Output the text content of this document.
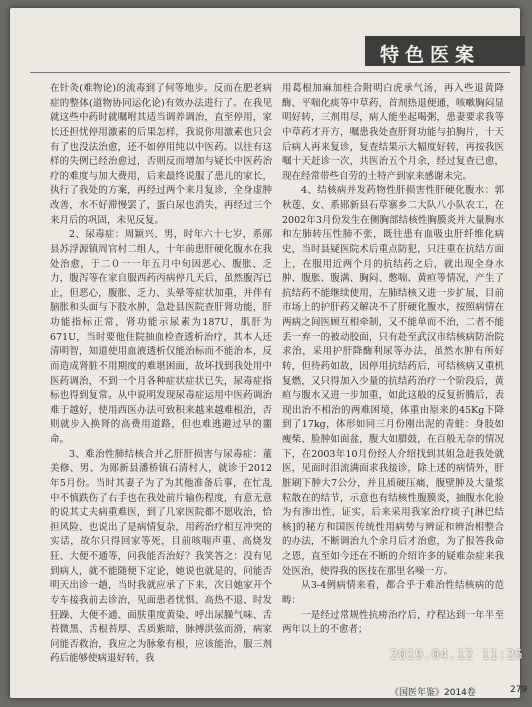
特色医案

在针灸(难物论)的流毒到了何等地步。反而在肥老病症的整体(道物协同运化论)有效办法进行了。在我见就这些中药时就嘱咐其适当调养调治，直至停用，家长还担忧停用激素的后果怎样，我说你用激素也只会有了也没法治愈，还不如停用纯以中医药。以往有这样的失例已经治愈过，否则反而增加与疑长中医药治疗的难度与加大费用，后来最终说服了患儿的家长，执行了我处的方案，再经过两个来月复诊，全身虚肿改善，水不好滞慢罢了，蛋白尿也消失，再经过三个来月后的巩固，未见反复。

2、尿毒症：周颖兴、男，时年六十七岁，系郧县苏浮源镇周官村二组人，十年前患肝硬化腹水在我处治愈，于二０一一年五月中旬因恶心、腹胀、乏力，腹泻等在家自服西药丙病停几天后，虽然腹泻已止，但恶心，腹胀、乏力、头晕等症状加重，并伴有脑胀和头面与下肢水肿，急赴县医院查肝肾功能，肝功能指标正常，肾功能示尿素为187U，肌肝为671U，当时要他住院抽血检查透析治疗，其本人还清明智，知道使用血液透析仅能治标而不能治本，反而造成肾脏不用期度的难堪困面，故坏找到我处用中医药调治，不到一个月各种症状症状已失，尿毒症指标也得到复常。从中说明发现尿毒症运用中医药调治难于越好，使用西医办法可致积来越来越难根治，否则就步入换肾的高费用道路，但也难逃避过早的噩命。

3、难治性肺结核合并乙肝肝损害与尿毒症：董美修、男、为郧新县潘桥镇石清村人，就诊于2012年5月份。当时其妻子为了为其他准备后事，在忙乱中不慎跌伤了右手也在我处前片输伤程度，有意无意的说其丈夫病重难医，到了几家医院都不愿收治，恰担风险、也说出了是病情复杂，用药治疗相互冲突的实话，故尔只得回家等死，目前咳喘声重、高烧发狂、大便不通等，问我能否治好？我笑答之：没有见到病人，就不能随便下定论，她说也就是的，问能否明天出诊一趟，当时我就应承了下来，次日她家开个专车接我前去诊治，见面患者忧惧、高热不退、时发狂躁、大便不通、面肤重度黄染、呼出尿臊气味、舌苔微黑、舌根苔厚、舌质紫暗，脉搏洪弦而滑，病家问能否救治，我应之为脉象有根，应该能治，服三剂药后能够使病退好转，我

用葛根加麻加桂合附明白虎承气汤，再入些退黄降酶、平喘化痰等中草药，首剂热退便通，咳嗽胸闷显明好转，三剂用尽，病人能坐起喝粥，患妻要求我等中草药才开方，嘱患我处查肝肾功能与拍胸片，十天后病人再来复诊，复查结果示大幅度好转，再按我医嘱十天赶诊一次，共医治五个月余，经过复查已愈，现在经常带些自劳的土特产到家来感谢未完。

4、结核病并发药物性肝损害性肝硬化腹水：郭秋莲、女、系郧新县石草寨乡二大队八小队农工，在2002年3月份发生在侧胸部结核性胸膜炎并大量胸水和左肺转压性肺不张，既往患有血吸虫肝纤维化病史，当时县疑医院术后重点防犯，只注重在抗结方面上，在服用近两个月的抗结药之后，就出现全身水肿、腹胀、腹满、胸闷、憋喘、黄疸等情况，产生了抗结药不能继续使用，左肺结核又进一步扩展，目前市场上的护肝药又解决不了肝硬化腹水，按照病情在两病之间医顾互相牵制，又不能单而不治，二者不能丢一弃一的被动胶面，只有赴至武汉市结核病防治院求治，采用护肝降酶利尿等办法，虽然水肿有所好转，但待药如故，因停用抗结药后，可结核病又重机复燃，又只得加入少量的抗结药治疗一个阶段后，黄疸与腹水又进一步加重，如此这般的反复折腾后，表现出治不相治的两难困境，体重由原来的45Kg下降到了17kg，体形如同三月份刚出泥的青蛙：身肢如瘦柴、脸肿如面盆，腹大如腊鼓，在百般无奈的情况下，在2003年10月份经人介绍找到其姐急赶我处就医，见面时泪流满面求我接诊，除上述的病情外，肝脏刷下肿大7公分，并且质硬压痛，腹壁肿及大量浆粒散在的结节，示意也有结核性腹膜炎，抽腹水化验为有渗出性，证实，后来采用我家治疗痰子[淋巴结核]的秘方和国医传统性用病势与辨证和辨治相整合的办法，不断调治九个余月后才治愈，为了报答我命之恩，直至如今还在不断的介绍许多的疑难杂症来我处医治，使得我的医技在那里名噪一方。

从3-4例病情来看，都合乎于难治性结核病的范畴：

一是经过常规性抗痨治疗后，疗程达到一年半至两年以上的不愈者；

《国医年鉴》2014卷	279
2019.04.12 11:26
